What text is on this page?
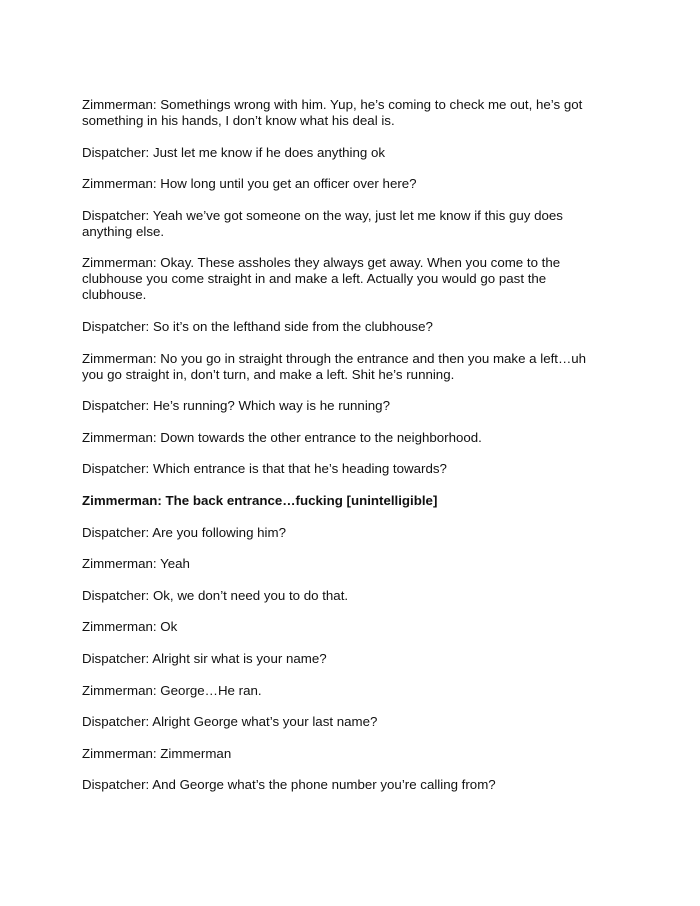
Zimmerman: Somethings wrong with him. Yup, he’s coming to check me out, he’s got something in his hands, I don’t know what his deal is.

Dispatcher: Just let me know if he does anything ok

Zimmerman: How long until you get an officer over here?

Dispatcher: Yeah we’ve got someone on the way, just let me know if this guy does anything else.

Zimmerman: Okay. These assholes they always get away. When you come to the clubhouse you come straight in and make a left. Actually you would go past the clubhouse.

Dispatcher: So it’s on the lefthand side from the clubhouse?

Zimmerman: No you go in straight through the entrance and then you make a left…uh you go straight in, don’t turn, and make a left. Shit he’s running.

Dispatcher: He’s running? Which way is he running?

Zimmerman: Down towards the other entrance to the neighborhood.

Dispatcher: Which entrance is that that he’s heading towards?

Zimmerman: The back entrance…fucking [unintelligible]

Dispatcher: Are you following him?

Zimmerman: Yeah

Dispatcher: Ok, we don’t need you to do that.

Zimmerman: Ok

Dispatcher: Alright sir what is your name?

Zimmerman: George…He ran.

Dispatcher: Alright George what’s your last name?

Zimmerman: Zimmerman

Dispatcher: And George what’s the phone number you’re calling from?
